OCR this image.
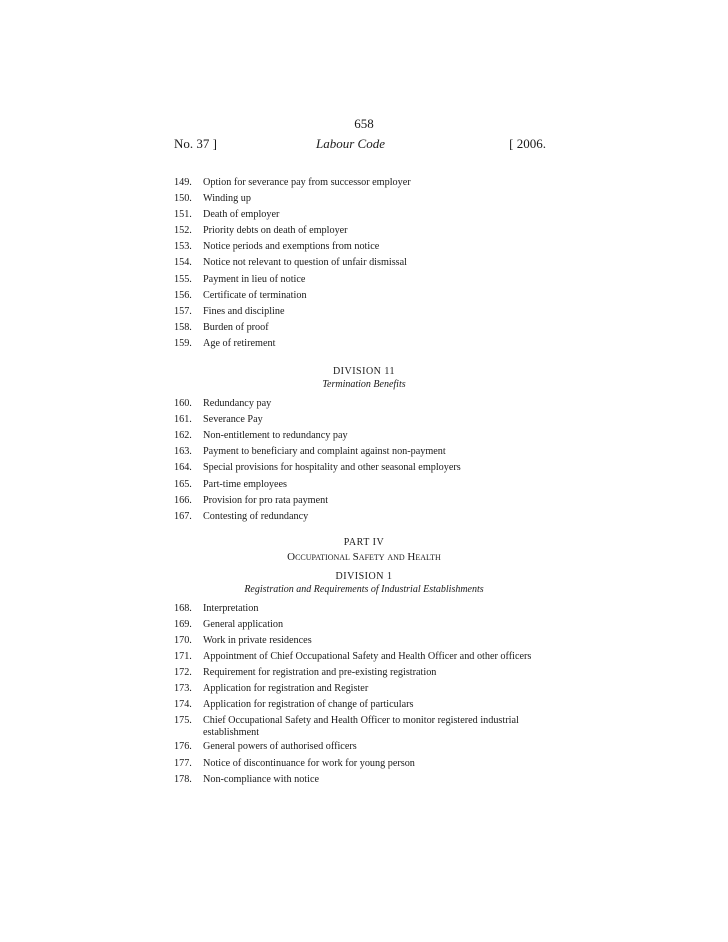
658
No. 37 ]	Labour Code	[ 2006.
149. Option for severance pay from successor employer
150. Winding up
151. Death of employer
152. Priority debts on death of employer
153. Notice periods and exemptions from notice
154. Notice not relevant to question of unfair dismissal
155. Payment in lieu of notice
156. Certificate of termination
157. Fines and discipline
158. Burden of proof
159. Age of retirement
DIVISION 11
Termination Benefits
160. Redundancy pay
161. Severance Pay
162. Non-entitlement to redundancy pay
163. Payment to beneficiary and complaint against non-payment
164. Special provisions for hospitality and other seasonal employers
165. Part-time employees
166. Provision for pro rata payment
167. Contesting of redundancy
PART IV
Occupational Safety and Health
DIVISION 1
Registration and Requirements of Industrial Establishments
168. Interpretation
169. General application
170. Work in private residences
171. Appointment of Chief Occupational Safety and Health Officer and other officers
172. Requirement for registration and pre-existing registration
173. Application for registration and Register
174. Application for registration of change of particulars
175. Chief Occupational Safety and Health Officer to monitor registered industrial establishment
176. General powers of authorised officers
177. Notice of discontinuance for work for young person
178. Non-compliance with notice
